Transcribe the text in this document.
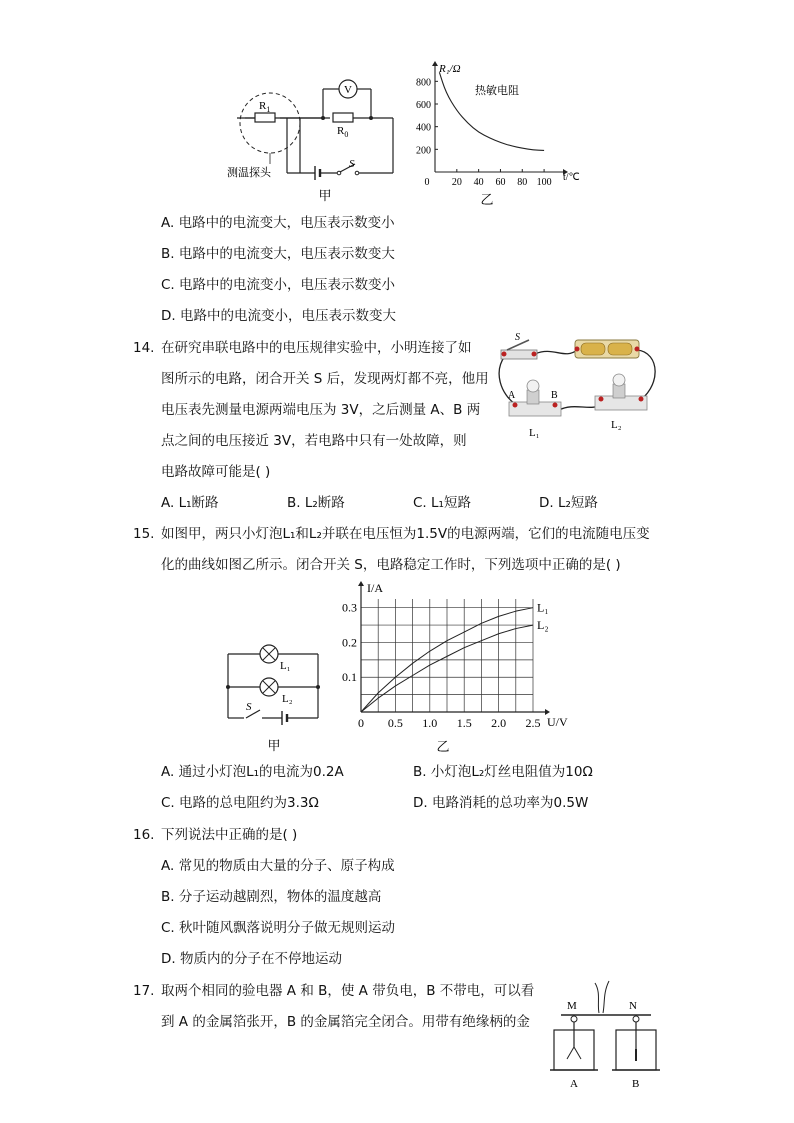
V
$R_1$
$R_0$
S
测温探头
甲
0 20 40 60 80 100
200
400
600
800
R₁/Ω
热敏电阻
t/℃
乙
A. 电路中的电流变大，电压表示数变小
B. 电路中的电流变大，电压表示数变大
C. 电路中的电流变小，电压表示数变小
D. 电路中的电流变小，电压表示数变大
14. 在研究串联电路中的电压规律实验中，小明连接了如
图所示的电路，闭合开关 S 后，发现两灯都不亮，他用
电压表先测量电源两端电压为 3V，之后测量 A、B 两
点之间的电压接近 3V，若电路中只有一处故障，则
电路故障可能是( )
S
A	B
L₁
L₂
A. L₁断路	B. L₂断路	C. L₁短路	D. L₂短路
15. 如图甲，两只小灯泡L₁和L₂并联在电压恒为1.5V的电源两端，它们的电流随电压变
化的曲线如图乙所示。闭合开关 S，电路稳定工作时，下列选项中正确的是( )
L₁
L₂
S
甲
0 0.5 1.0 1.5 2.0 2.5
0.1
0.2
0.3	L₁
L₂
I/A
U/V
乙
A. 通过小灯泡L₁的电流为0.2A	B. 小灯泡L₂灯丝电阻值为10Ω
C. 电路的总电阻约为3.3Ω	D. 电路消耗的总功率为0.5W
16. 下列说法中正确的是( )
A. 常见的物质由大量的分子、原子构成
B. 分子运动越剧烈，物体的温度越高
C. 秋叶随风飘落说明分子做无规则运动
D. 物质内的分子在不停地运动
17. 取两个相同的验电器 A 和 B，使 A 带负电，B 不带电，可以看
到 A 的金属箔张开，B 的金属箔完全闭合。用带有绝缘柄的金
M	N
A	B
